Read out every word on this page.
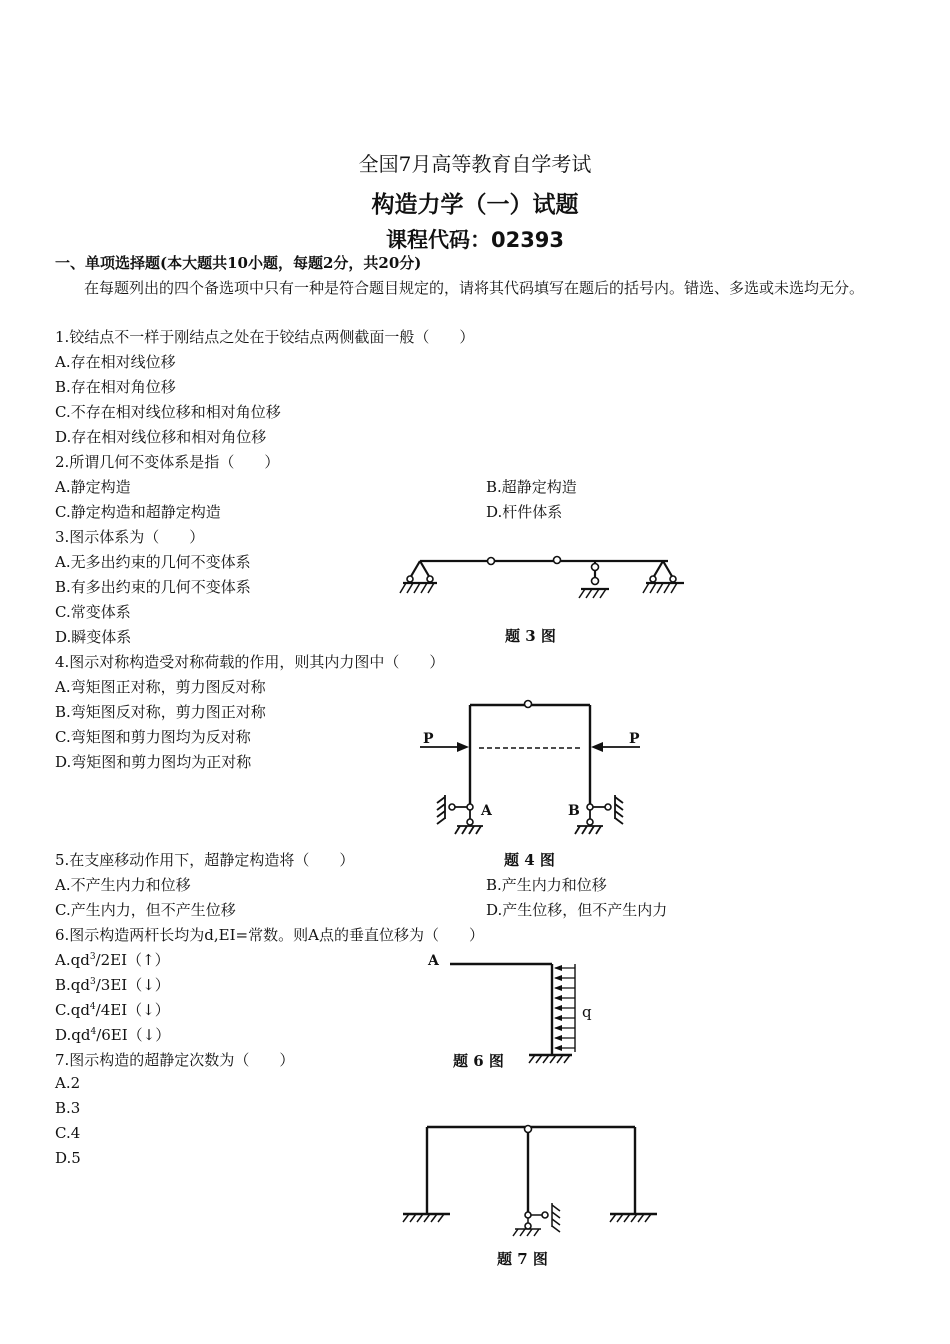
全国7月高等教育自学考试
构造力学（一）试题
课程代码：02393
一、单项选择题(本大题共10小题，每题2分，共20分)
在每题列出的四个备选项中只有一种是符合题目规定的，请将其代码填写在题后的括号内。错选、多选或未选均无分。
1.铰结点不一样于刚结点之处在于铰结点两侧截面一般（　　）
A.存在相对线位移
B.存在相对角位移
C.不存在相对线位移和相对角位移
D.存在相对线位移和相对角位移
2.所谓几何不变体系是指（　　）
A.静定构造	B.超静定构造
C.静定构造和超静定构造	D.杆件体系
3.图示体系为（　　）
A.无多出约束的几何不变体系
B.有多出约束的几何不变体系
C.常变体系
D.瞬变体系	题 3 图
4.图示对称构造受对称荷载的作用，则其内力图中（　　）
A.弯矩图正对称，剪力图反对称
B.弯矩图反对称，剪力图正对称
C.弯矩图和剪力图均为反对称
D.弯矩图和剪力图均为正对称
P	P
A	B
题 4 图
5.在支座移动作用下，超静定构造将（　　）
A.不产生内力和位移	B.产生内力和位移
C.产生内力，但不产生位移	D.产生位移，但不产生内力
6.图示构造两杆长均为d,EI=常数。则A点的垂直位移为（　　）
$A.qd^3/2EI(↑)$
$B.qd^3/3EI(↓)$
$C.qd^4/4EI(↓)$
$D.qd^4/6EI(↓)$
A
q
题 6 图
7.图示构造的超静定次数为（　　）
A.2
B.3
C.4
D.5
题 7 图
